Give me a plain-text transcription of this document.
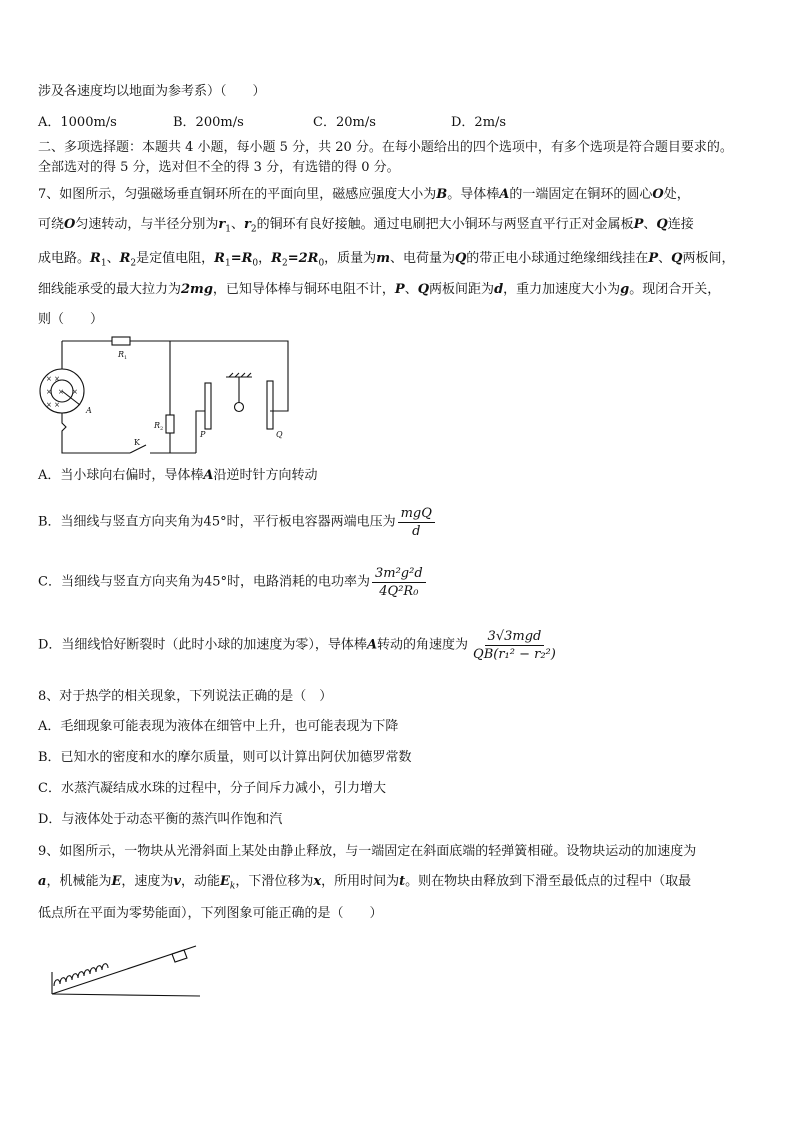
涉及各速度均以地面为参考系）（　　）
A．1000m/s	B．200m/s	C．20m/s	D．2m/s
二、多项选择题：本题共 4 小题，每小题 5 分，共 20 分。在每小题给出的四个选项中，有多个选项是符合题目要求的。
全部选对的得 5 分，选对但不全的得 3 分，有选错的得 0 分。
7、如图所示，匀强磁场垂直铜环所在的平面向里，磁感应强度大小为B。导体棒A的一端固定在铜环的圆心O处，
可绕O匀速转动，与半径分别为$r_1$、$r_2$的铜环有良好接触。通过电刷把大小铜环与两竖直平行正对金属板P、Q连接
成电路。$R_1$、$R_2$是定值电阻，$R_1=R_0$，$R_2=2R_0$，质量为m、电荷量为Q的带正电小球通过绝缘细线挂在P、Q两板间，
细线能承受的最大拉力为2mg，已知导体棒与铜环电阻不计，P、Q两板间距为d，重力加速度大小为g。现闭合开关，
则（　　）
× ×
×	×
× ×
×
R
R
A
P	Q
1
2
K
A．当小球向右偏时，导体棒A沿逆时针方向转动
B．当细线与竖直方向夹角为45°时，平行板电容器两端电压为 $\frac{\text{mgQ}}{d}$
C．当细线与竖直方向夹角为45°时，电路消耗的电功率为 $\frac{\text{3m²g²d}}{\text{4Q²R₀}}$
D．当细线恰好断裂时（此时小球的加速度为零），导体棒A转动的角速度为 $\frac{\text{3√3mgd}}{\text{QB(r₁² − r₂²)}}$
8、对于热学的相关现象，下列说法正确的是（　）
A．毛细现象可能表现为液体在细管中上升，也可能表现为下降
B．已知水的密度和水的摩尔质量，则可以计算出阿伏加德罗常数
C．水蒸汽凝结成水珠的过程中，分子间斥力减小，引力增大
D．与液体处于动态平衡的蒸汽叫作饱和汽
9、如图所示，一物块从光滑斜面上某处由静止释放，与一端固定在斜面底端的轻弹簧相碰。设物块运动的加速度为
a，机械能为E，速度为v，动能$E_k$，下滑位移为x，所用时间为t。则在物块由释放到下滑至最低点的过程中（取最
低点所在平面为零势能面），下列图象可能正确的是（　　）
